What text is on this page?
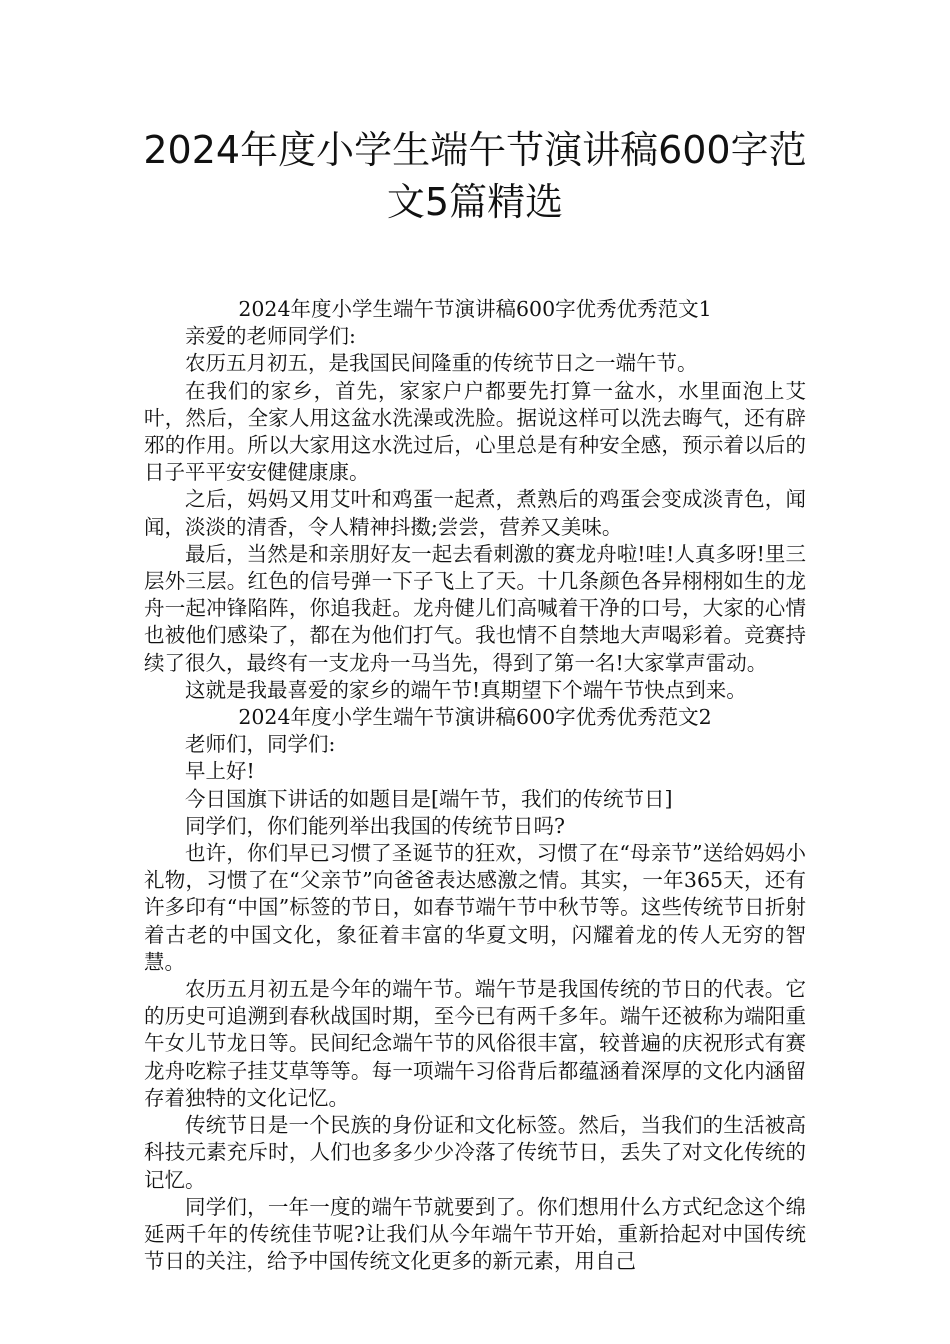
2024年度小学生端午节演讲稿600字范
文5篇精选

2024年度小学生端午节演讲稿600字优秀优秀范文1

亲爱的老师同学们:

农历五月初五，是我国民间隆重的传统节日之一端午节。

在我们的家乡，首先，家家户户都要先打算一盆水，水里面泡上艾叶，然后，全家人用这盆水洗澡或洗脸。据说这样可以洗去晦气，还有辟邪的作用。所以大家用这水洗过后，心里总是有种安全感，预示着以后的日子平平安安健健康康。

之后，妈妈又用艾叶和鸡蛋一起煮，煮熟后的鸡蛋会变成淡青色，闻闻，淡淡的清香，令人精神抖擞;尝尝，营养又美味。

最后，当然是和亲朋好友一起去看刺激的赛龙舟啦!哇!人真多呀!里三层外三层。红色的信号弹一下子飞上了天。十几条颜色各异栩栩如生的龙舟一起冲锋陷阵，你追我赶。龙舟健儿们高喊着干净的口号，大家的心情也被他们感染了，都在为他们打气。我也情不自禁地大声喝彩着。竞赛持续了很久，最终有一支龙舟一马当先，得到了第一名!大家掌声雷动。

这就是我最喜爱的家乡的端午节!真期望下个端午节快点到来。

2024年度小学生端午节演讲稿600字优秀优秀范文2

老师们，同学们:

早上好!

今日国旗下讲话的如题目是[端午节，我们的传统节日]

同学们，你们能列举出我国的传统节日吗?

也许，你们早已习惯了圣诞节的狂欢，习惯了在“母亲节”送给妈妈小礼物，习惯了在“父亲节”向爸爸表达感激之情。其实，一年365天，还有许多印有“中国”标签的节日，如春节端午节中秋节等。这些传统节日折射着古老的中国文化，象征着丰富的华夏文明，闪耀着龙的传人无穷的智慧。

农历五月初五是今年的端午节。端午节是我国传统的节日的代表。它的历史可追溯到春秋战国时期，至今已有两千多年。端午还被称为端阳重午女儿节龙日等。民间纪念端午节的风俗很丰富，较普遍的庆祝形式有赛龙舟吃粽子挂艾草等等。每一项端午习俗背后都蕴涵着深厚的文化内涵留存着独特的文化记忆。

传统节日是一个民族的身份证和文化标签。然后，当我们的生活被高科技元素充斥时，人们也多多少少冷落了传统节日，丢失了对文化传统的记忆。

同学们，一年一度的端午节就要到了。你们想用什么方式纪念这个绵延两千年的传统佳节呢?让我们从今年端午节开始，重新拾起对中国传统节日的关注，给予中国传统文化更多的新元素，用自己
